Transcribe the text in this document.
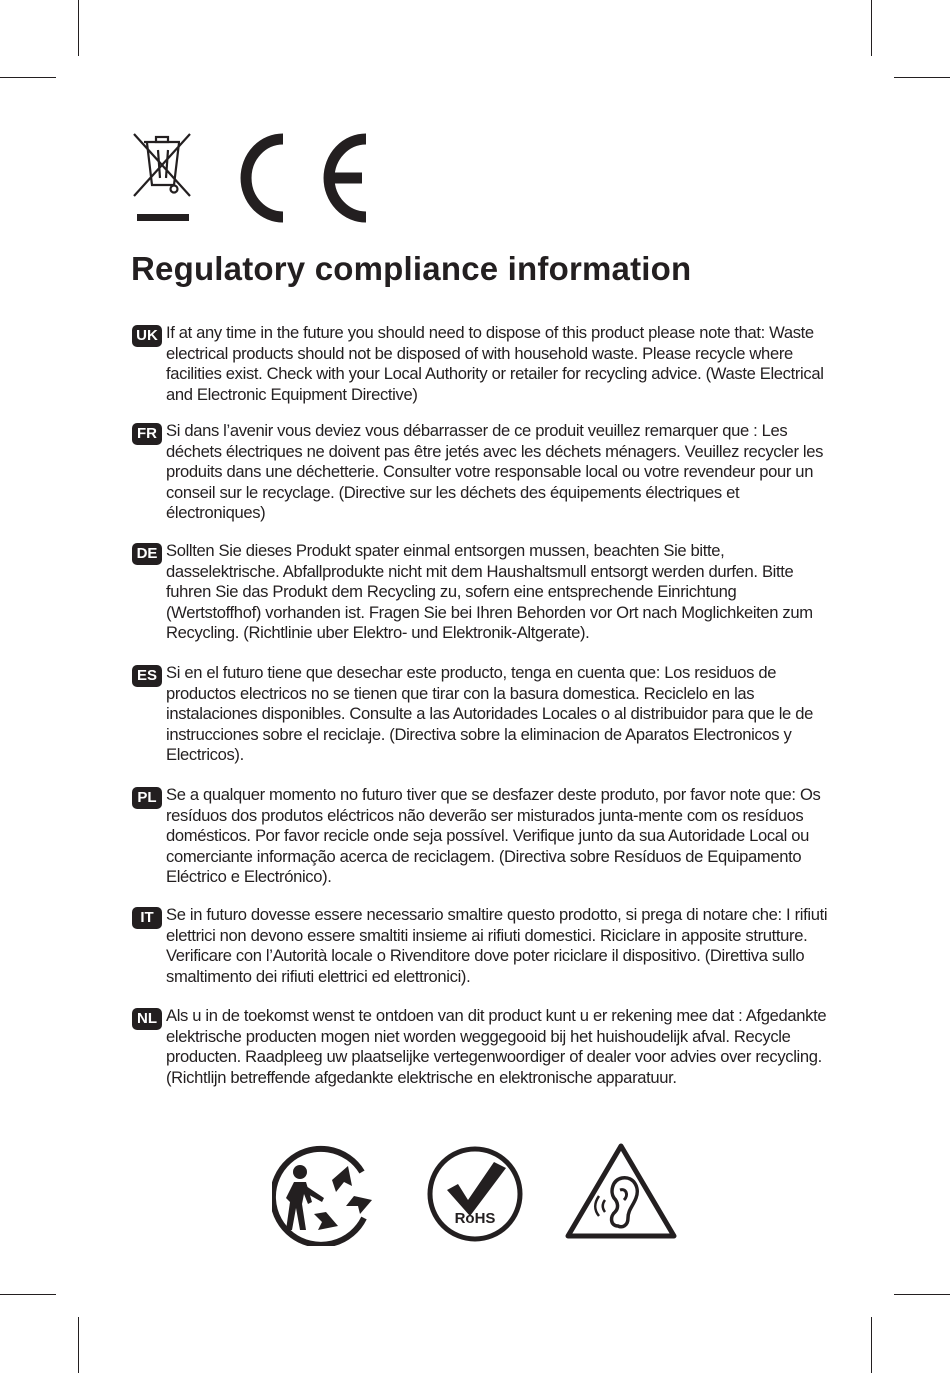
Regulatory compliance information
UK If at any time in the future you should need to dispose of this product please note that: Waste electrical products should not be disposed of with household waste. Please recycle where facilities exist. Check with your Local Authority or retailer for recycling advice. (Waste Electrical and Electronic Equipment Directive)

FR Si dans l’avenir vous deviez vous débarrasser de ce produit veuillez remarquer que : Les déchets électriques ne doivent pas être jetés avec les déchets ménagers. Veuillez recycler les produits dans une déchetterie. Consulter votre responsable local ou votre revendeur pour un conseil sur le recyclage. (Directive sur les déchets des équipements électriques et électroniques)

DE Sollten Sie dieses Produkt spater einmal entsorgen mussen, beachten Sie bitte, dasselektrische. Abfallprodukte nicht mit dem Haushaltsmull entsorgt werden durfen. Bitte fuhren Sie das Produkt dem Recycling zu, sofern eine entsprechende Einrichtung (Wertstoffhof) vorhanden ist. Fragen Sie bei Ihren Behorden vor Ort nach Moglichkeiten zum Recycling. (Richtlinie uber Elektro- und Elektronik-Altgerate).

ES Si en el futuro tiene que desechar este producto, tenga en cuenta que: Los residuos de productos electricos no se tienen que tirar con la basura domestica. Reciclelo en las instalaciones disponibles. Consulte a las Autoridades Locales o al distribuidor para que le de instrucciones sobre el reciclaje. (Directiva sobre la eliminacion de Aparatos Electronicos y Electricos).

PL Se a qualquer momento no futuro tiver que se desfazer deste produto, por favor note que: Os resíduos dos produtos eléctricos não deverão ser misturados junta-mente com os resíduos domésticos. Por favor recicle onde seja possível. Verifique junto da sua Autoridade Local ou comerciante informação acerca de reciclagem. (Directiva sobre Resíduos de Equipamento Eléctrico e Electrónico).

IT Se in futuro dovesse essere necessario smaltire questo prodotto, si prega di notare che: I rifiuti elettrici non devono essere smaltiti insieme ai rifiuti domestici. Riciclare in apposite strutture. Verificare con l’Autorità locale o Rivenditore dove poter riciclare il dispositivo. (Direttiva sullo smaltimento dei rifiuti elettrici ed elettronici).

NL Als u in de toekomst wenst te ontdoen van dit product kunt u er rekening mee dat : Afgedankte elektrische producten mogen niet worden weggegooid bij het huishoudelijk afval. Recycle producten. Raadpleeg uw plaatselijke vertegenwoordiger of dealer voor advies over recycling. (Richtlijn betreffende afgedankte elektrische en elektronische apparatuur.

RoHS
